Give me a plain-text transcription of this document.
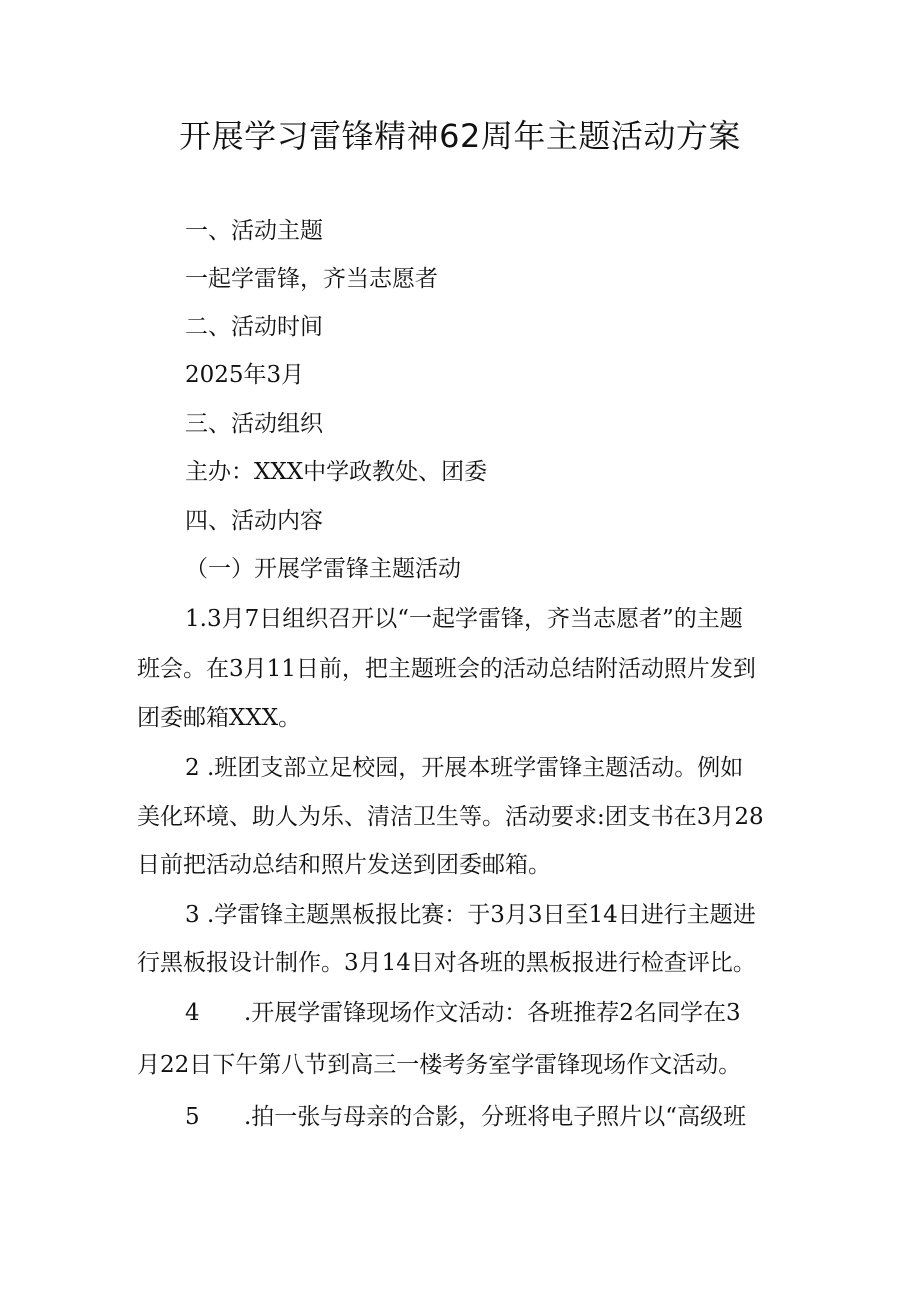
开展学习雷锋精神62周年主题活动方案
一、活动主题
一起学雷锋，齐当志愿者
二、活动时间
2025年3月
三、活动组织
主办：XXX中学政教处、团委
四、活动内容
（一）开展学雷锋主题活动
1.3月7日组织召开以“一起学雷锋，齐当志愿者”的主题
班会。在3月11日前，把主题班会的活动总结附活动照片发到
团委邮箱XXX。
2 .班团支部立足校园，开展本班学雷锋主题活动。例如
美化环境、助人为乐、清洁卫生等。活动要求:团支书在3月28
日前把活动总结和照片发送到团委邮箱。
3 .学雷锋主题黑板报比赛：于3月3日至14日进行主题进
行黑板报设计制作。3月14日对各班的黑板报进行检查评比。
4 .开展学雷锋现场作文活动：各班推荐2名同学在3
月22日下午第八节到高三一楼考务室学雷锋现场作文活动。
5 .拍一张与母亲的合影，分班将电子照片以“高级班
